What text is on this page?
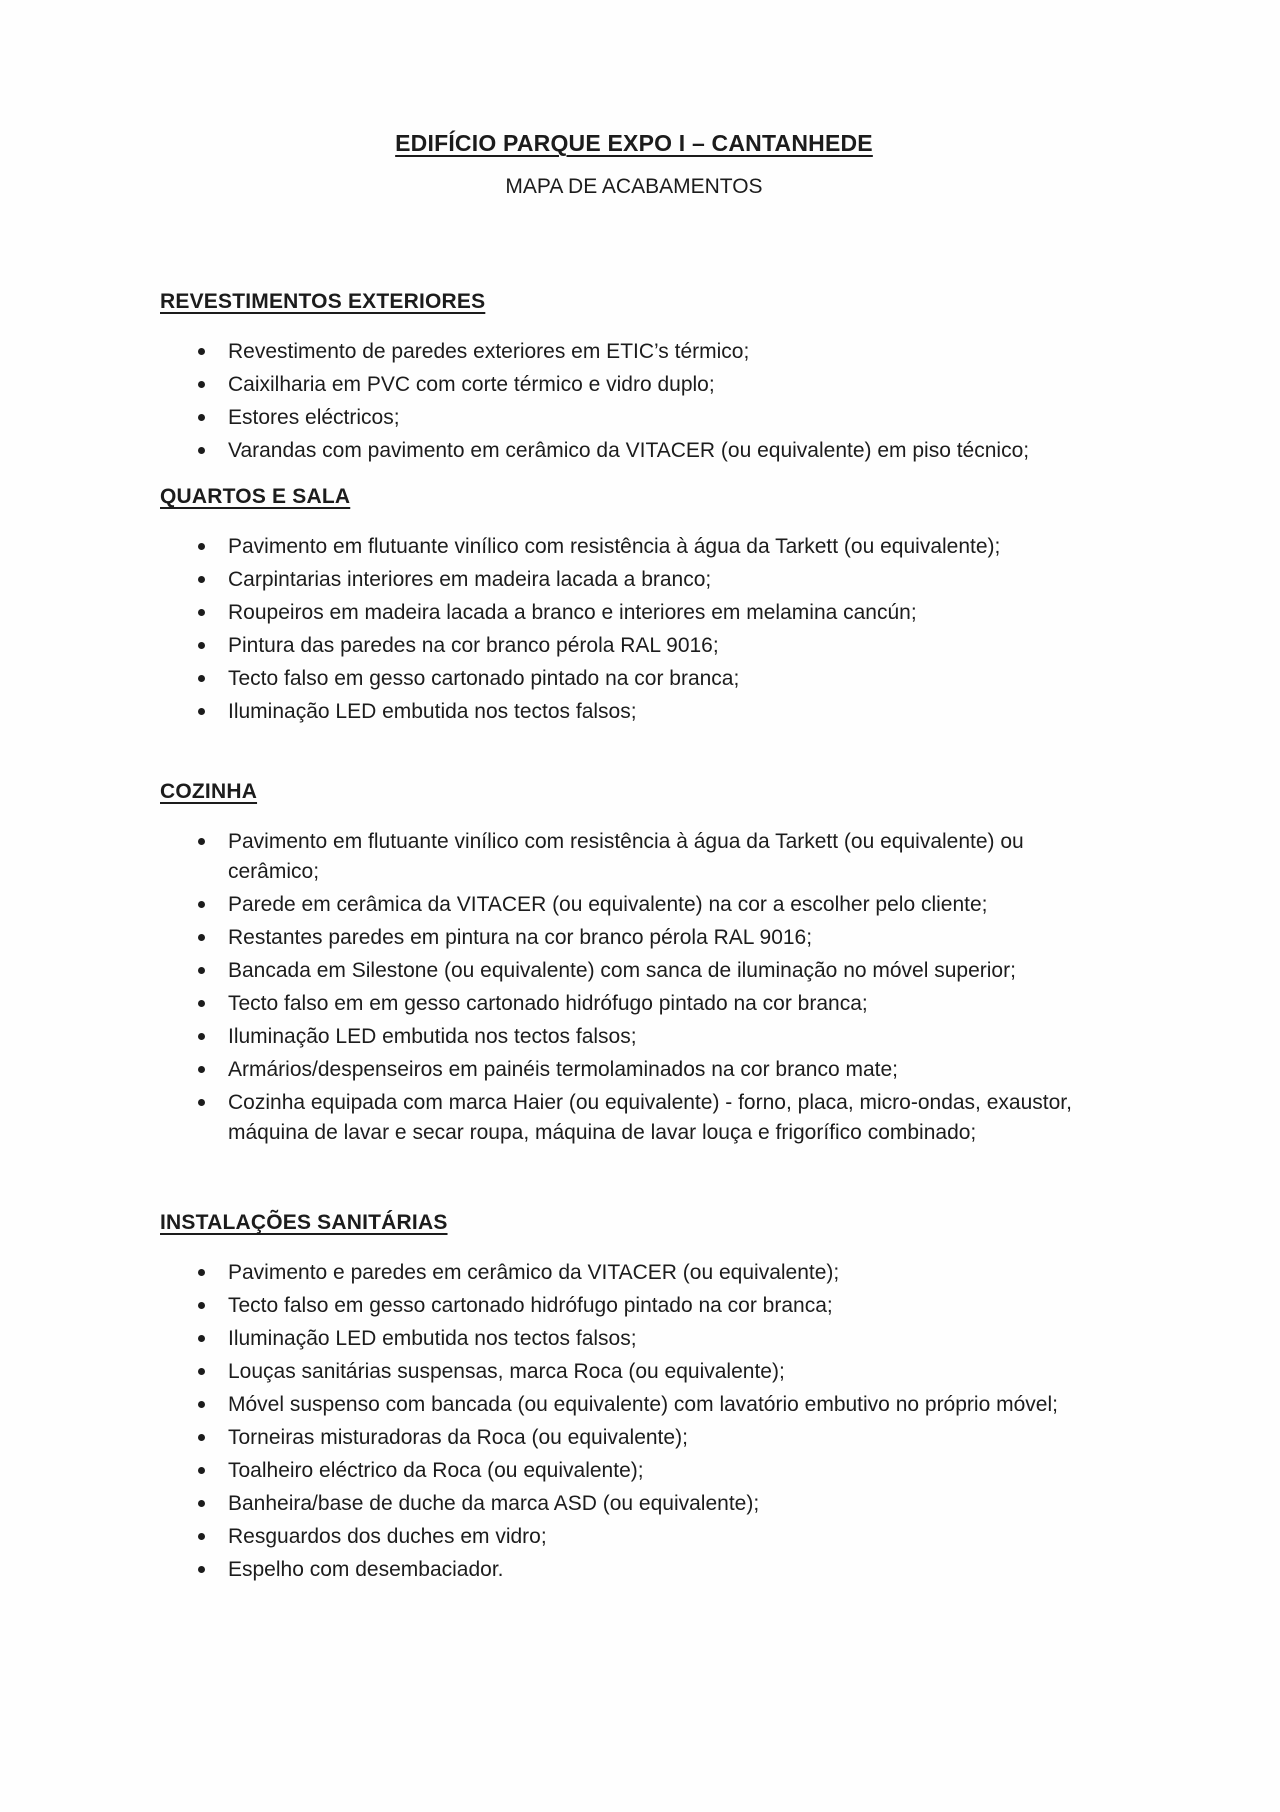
EDIFÍCIO PARQUE EXPO I – CANTANHEDE
MAPA DE ACABAMENTOS
REVESTIMENTOS EXTERIORES
Revestimento de paredes exteriores em ETIC’s térmico;
Caixilharia em PVC com corte térmico e vidro duplo;
Estores eléctricos;
Varandas com pavimento em cerâmico da VITACER (ou equivalente) em piso técnico;
QUARTOS E SALA
Pavimento em flutuante vinílico com resistência à água da Tarkett (ou equivalente);
Carpintarias interiores em madeira lacada a branco;
Roupeiros em madeira lacada a branco e interiores em melamina cancún;
Pintura das paredes na cor branco pérola RAL 9016;
Tecto falso em gesso cartonado pintado na cor branca;
Iluminação LED embutida nos tectos falsos;
COZINHA
Pavimento em flutuante vinílico com resistência à água da Tarkett (ou equivalente) ou cerâmico;
Parede em cerâmica da VITACER (ou equivalente) na cor a escolher pelo cliente;
Restantes paredes em pintura na cor branco pérola RAL 9016;
Bancada em Silestone (ou equivalente) com sanca de iluminação no móvel superior;
Tecto falso em em gesso cartonado hidrófugo pintado na cor branca;
Iluminação LED embutida nos tectos falsos;
Armários/despenseiros em painéis termolaminados na cor branco mate;
Cozinha equipada com marca Haier (ou equivalente) - forno, placa, micro-ondas, exaustor, máquina de lavar e secar roupa, máquina de lavar louça e frigorífico combinado;
INSTALAÇÕES SANITÁRIAS
Pavimento e paredes em cerâmico da VITACER (ou equivalente);
Tecto falso em gesso cartonado hidrófugo pintado na cor branca;
Iluminação LED embutida nos tectos falsos;
Louças sanitárias suspensas, marca Roca (ou equivalente);
Móvel suspenso com bancada (ou equivalente) com lavatório embutivo no próprio móvel;
Torneiras misturadoras da Roca (ou equivalente);
Toalheiro eléctrico da Roca (ou equivalente);
Banheira/base de duche da marca ASD (ou equivalente);
Resguardos dos duches em vidro;
Espelho com desembaciador.
